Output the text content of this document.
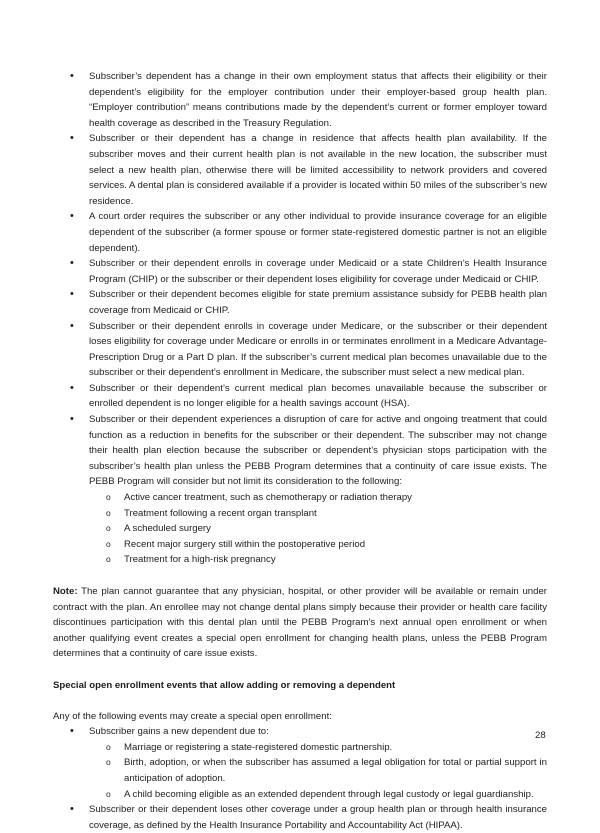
• Subscriber’s dependent has a change in their own employment status that affects their eligibility or their dependent’s eligibility for the employer contribution under their employer-based group health plan. “Employer contribution” means contributions made by the dependent’s current or former employer toward health coverage as described in the Treasury Regulation.
• Subscriber or their dependent has a change in residence that affects health plan availability. If the subscriber moves and their current health plan is not available in the new location, the subscriber must select a new health plan, otherwise there will be limited accessibility to network providers and covered services. A dental plan is considered available if a provider is located within 50 miles of the subscriber’s new residence.
• A court order requires the subscriber or any other individual to provide insurance coverage for an eligible dependent of the subscriber (a former spouse or former state-registered domestic partner is not an eligible dependent).
• Subscriber or their dependent enrolls in coverage under Medicaid or a state Children’s Health Insurance Program (CHIP) or the subscriber or their dependent loses eligibility for coverage under Medicaid or CHIP.
• Subscriber or their dependent becomes eligible for state premium assistance subsidy for PEBB health plan coverage from Medicaid or CHIP.
• Subscriber or their dependent enrolls in coverage under Medicare, or the subscriber or their dependent loses eligibility for coverage under Medicare or enrolls in or terminates enrollment in a Medicare Advantage-Prescription Drug or a Part D plan. If the subscriber’s current medical plan becomes unavailable due to the subscriber or their dependent’s enrollment in Medicare, the subscriber must select a new medical plan.
• Subscriber or their dependent’s current medical plan becomes unavailable because the subscriber or enrolled dependent is no longer eligible for a health savings account (HSA).
• Subscriber or their dependent experiences a disruption of care for active and ongoing treatment that could function as a reduction in benefits for the subscriber or their dependent. The subscriber may not change their health plan election because the subscriber or dependent’s physician stops participation with the subscriber’s health plan unless the PEBB Program determines that a continuity of care issue exists. The PEBB Program will consider but not limit its consideration to the following:
o Active cancer treatment, such as chemotherapy or radiation therapy
o Treatment following a recent organ transplant
o A scheduled surgery
o Recent major surgery still within the postoperative period
o Treatment for a high-risk pregnancy

Note: The plan cannot guarantee that any physician, hospital, or other provider will be available or remain under contract with the plan. An enrollee may not change dental plans simply because their provider or health care facility discontinues participation with this dental plan until the PEBB Program’s next annual open enrollment or when another qualifying event creates a special open enrollment for changing health plans, unless the PEBB Program determines that a continuity of care issue exists.

Special open enrollment events that allow adding or removing a dependent

Any of the following events may create a special open enrollment:

• Subscriber gains a new dependent due to:
o Marriage or registering a state-registered domestic partnership.
o Birth, adoption, or when the subscriber has assumed a legal obligation for total or partial support in anticipation of adoption.
o A child becoming eligible as an extended dependent through legal custody or legal guardianship.
• Subscriber or their dependent loses other coverage under a group health plan or through health insurance coverage, as defined by the Health Insurance Portability and Accountability Act (HIPAA).
28
